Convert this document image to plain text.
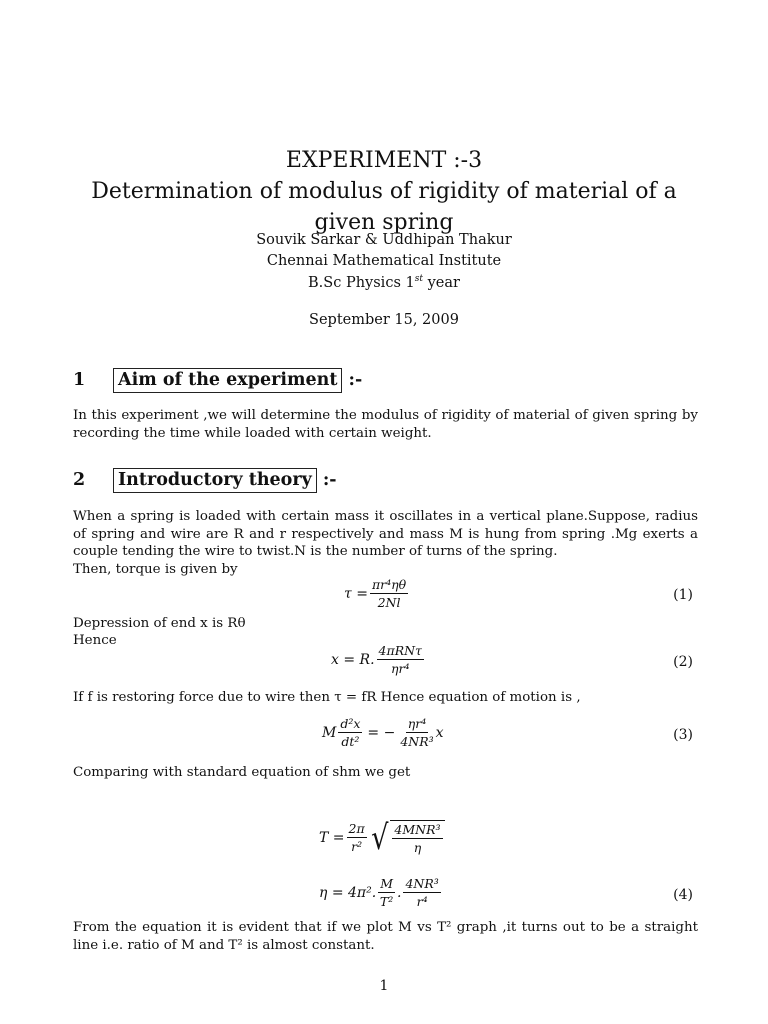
EXPERIMENT :-3
Determination of modulus of rigidity of material of a
given spring
Souvik Sarkar & Uddhipan Thakur
Chennai Mathematical Institute
B.Sc Physics 1st year
September 15, 2009
1 Aim of the experiment :-
In this experiment ,we will determine the modulus of rigidity of material of given spring by recording the time while loaded with certain weight.
2 Introductory theory :-
When a spring is loaded with certain mass it oscillates in a vertical plane.Suppose, radius of spring and wire are R and r respectively and mass M is hung from spring .Mg exerts a couple tending the wire to twist.N is the number of turns of the spring.
Then, torque is given by
$\tau = \frac{\text{πr⁴ηθ}}{2Nl}$	(1)
Depression of end x is Rθ
Hence
x = R. $\frac{\text{4πRNτ}}{\text{ηr⁴}}$	(2)
If f is restoring force due to wire then τ = fR Hence equation of motion is ,
M $\frac{\text{d²x}}{\text{dt²}}$ = − $\frac{\text{ηr⁴}}{\text{4NR³}}$ x	(3)
Comparing with standard equation of shm we get
$T = \frac{2\pi}{\text{r²}}$ √ $\frac{\text{4MNR³}}{\eta}$
η = 4π². $\frac{M}{\text{T²}}$ . $\frac{\text{4NR³}}{\text{r⁴}}$	(4)
From the equation it is evident that if we plot M vs T² graph ,it turns out to be a straight line i.e. ratio of M and T² is almost constant.
1
